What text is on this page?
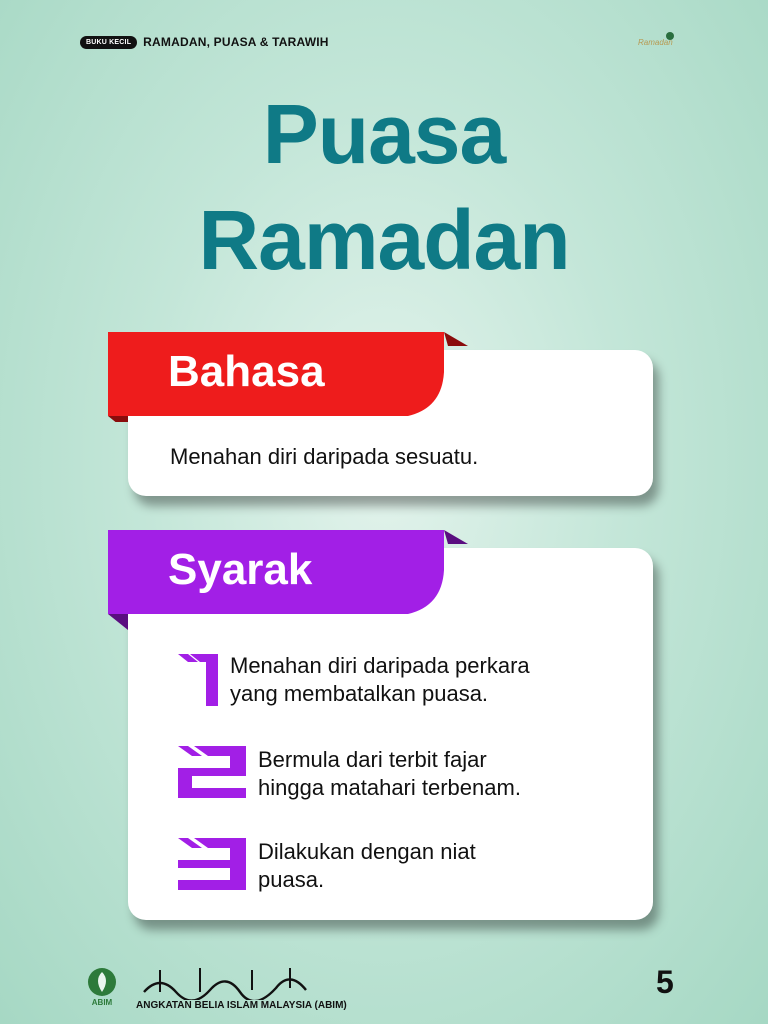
BUKU KECIL	RAMADAN, PUASA & TARAWIH	Ramadan
Puasa
Ramadan
Bahasa
Menahan diri daripada sesuatu.
Syarak
Menahan diri daripada perkara
yang membatalkan puasa.
Bermula dari terbit fajar
hingga matahari terbenam.
Dilakukan dengan niat
puasa.
ABIM	ANGKATAN BELIA ISLAM MALAYSIA (ABIM)
5
